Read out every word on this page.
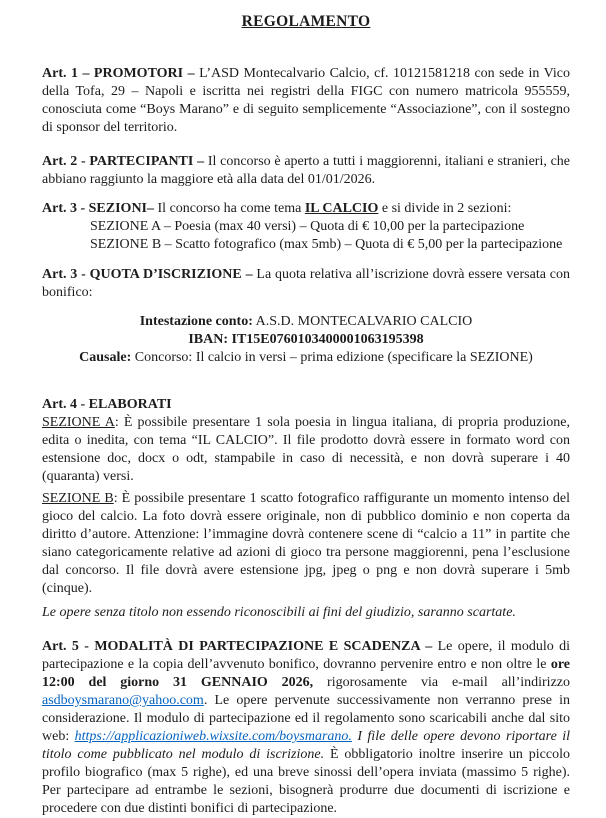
REGOLAMENTO

Art. 1 – PROMOTORI – L’ASD Montecalvario Calcio, cf. 10121581218 con sede in Vico della Tofa, 29 – Napoli e iscritta nei registri della FIGC con numero matricola 955559, conosciuta come “Boys Marano” e di seguito semplicemente “Associazione”, con il sostegno di sponsor del territorio.

Art. 2 - PARTECIPANTI – Il concorso è aperto a tutti i maggiorenni, italiani e stranieri, che abbiano raggiunto la maggiore età alla data del 01/01/2026.

Art. 3 - SEZIONI– Il concorso ha come tema IL CALCIO e si divide in 2 sezioni:

SEZIONE A – Poesia (max 40 versi) – Quota di € 10,00 per la partecipazione
SEZIONE B – Scatto fotografico (max 5mb) – Quota di € 5,00 per la partecipazione

Art. 3 - QUOTA D’ISCRIZIONE – La quota relativa all’iscrizione dovrà essere versata con bonifico:

Intestazione conto: A.S.D. MONTECALVARIO CALCIO
IBAN: IT15E0760103400001063195398
Causale: Concorso: Il calcio in versi – prima edizione (specificare la SEZIONE)

Art. 4 - ELABORATI

SEZIONE A: È possibile presentare 1 sola poesia in lingua italiana, di propria produzione, edita o inedita, con tema “IL CALCIO”. Il file prodotto dovrà essere in formato word con estensione doc, docx o odt, stampabile in caso di necessità, e non dovrà superare i 40 (quaranta) versi.

SEZIONE B: È possibile presentare 1 scatto fotografico raffigurante un momento intenso del gioco del calcio. La foto dovrà essere originale, non di pubblico dominio e non coperta da diritto d’autore. Attenzione: l’immagine dovrà contenere scene di “calcio a 11” in partite che siano categoricamente relative ad azioni di gioco tra persone maggiorenni, pena l’esclusione dal concorso. Il file dovrà avere estensione jpg, jpeg o png e non dovrà superare i 5mb (cinque).

Le opere senza titolo non essendo riconoscibili ai fini del giudizio, saranno scartate.

Art. 5 - MODALITÀ DI PARTECIPAZIONE E SCADENZA – Le opere, il modulo di partecipazione e la copia dell’avvenuto bonifico, dovranno pervenire entro e non oltre le ore 12:00 del giorno 31 GENNAIO 2026, rigorosamente via e-mail all’indirizzo asdboysmarano@yahoo.com. Le opere pervenute successivamente non verranno prese in considerazione. Il modulo di partecipazione ed il regolamento sono scaricabili anche dal sito web: https://applicazioniweb.wixsite.com/boysmarano. I file delle opere devono riportare il titolo come pubblicato nel modulo di iscrizione. È obbligatorio inoltre inserire un piccolo profilo biografico (max 5 righe), ed una breve sinossi dell’opera inviata (massimo 5 righe). Per partecipare ad entrambe le sezioni, bisognerà produrre due documenti di iscrizione e procedere con due distinti bonifici di partecipazione.
